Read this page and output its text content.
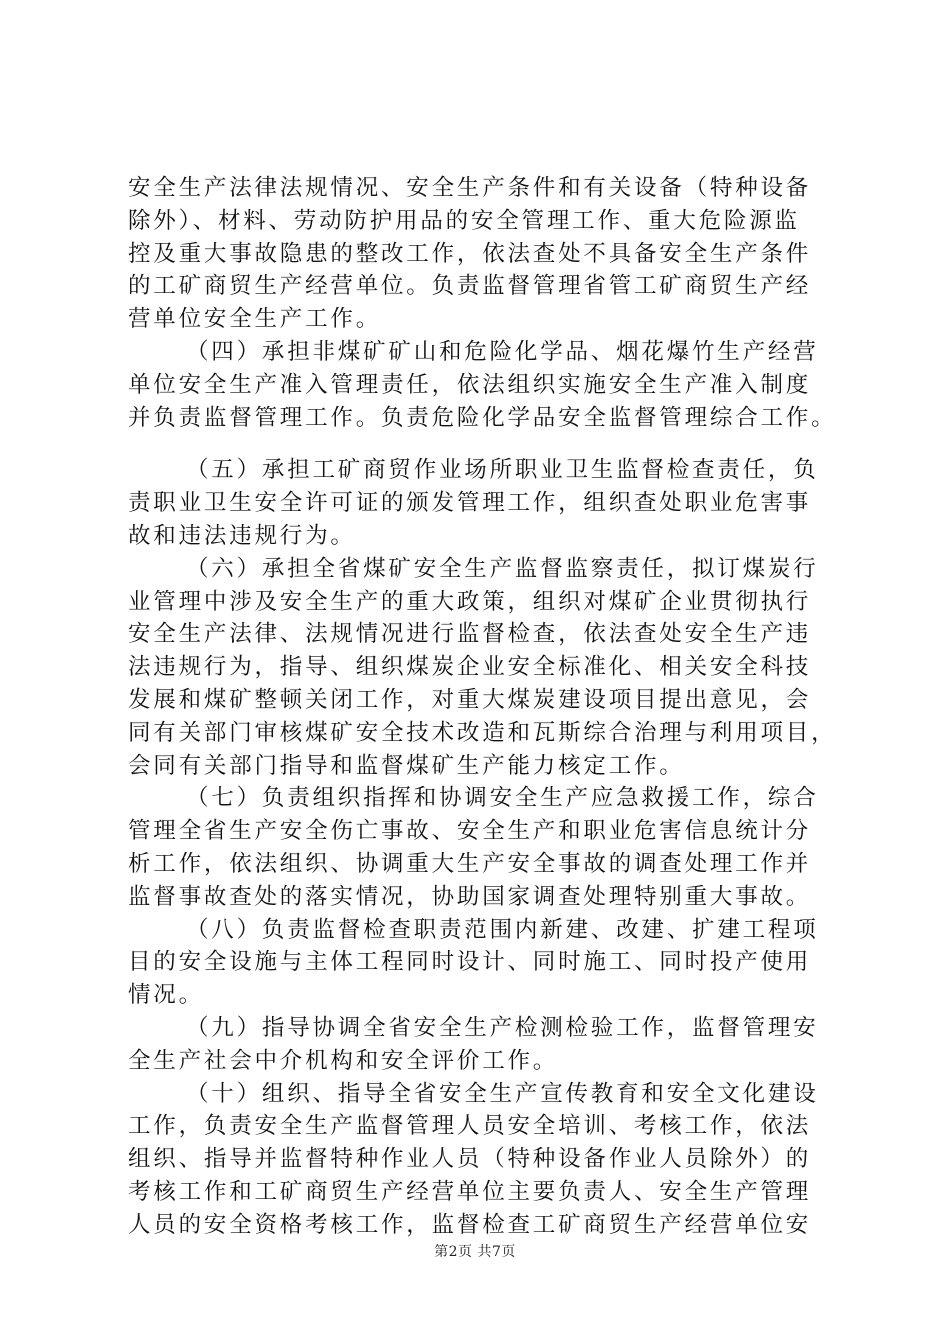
安全生产法律法规情况、安全生产条件和有关设备（特种设备
除外）、材料、劳动防护用品的安全管理工作、重大危险源监
控及重大事故隐患的整改工作，依法查处不具备安全生产条件
的工矿商贸生产经营单位。负责监督管理省管工矿商贸生产经
营单位安全生产工作。
（四）承担非煤矿矿山和危险化学品、烟花爆竹生产经营
单位安全生产准入管理责任，依法组织实施安全生产准入制度
并负责监督管理工作。负责危险化学品安全监督管理综合工作。
（五）承担工矿商贸作业场所职业卫生监督检查责任，负
责职业卫生安全许可证的颁发管理工作，组织查处职业危害事
故和违法违规行为。
（六）承担全省煤矿安全生产监督监察责任，拟订煤炭行
业管理中涉及安全生产的重大政策，组织对煤矿企业贯彻执行
安全生产法律、法规情况进行监督检查，依法查处安全生产违
法违规行为，指导、组织煤炭企业安全标准化、相关安全科技
发展和煤矿整顿关闭工作，对重大煤炭建设项目提出意见，会
同有关部门审核煤矿安全技术改造和瓦斯综合治理与利用项目，
会同有关部门指导和监督煤矿生产能力核定工作。
（七）负责组织指挥和协调安全生产应急救援工作，综合
管理全省生产安全伤亡事故、安全生产和职业危害信息统计分
析工作，依法组织、协调重大生产安全事故的调查处理工作并
监督事故查处的落实情况，协助国家调查处理特别重大事故。
（八）负责监督检查职责范围内新建、改建、扩建工程项
目的安全设施与主体工程同时设计、同时施工、同时投产使用
情况。
（九）指导协调全省安全生产检测检验工作，监督管理安
全生产社会中介机构和安全评价工作。
（十）组织、指导全省安全生产宣传教育和安全文化建设
工作，负责安全生产监督管理人员安全培训、考核工作，依法
组织、指导并监督特种作业人员（特种设备作业人员除外）的
考核工作和工矿商贸生产经营单位主要负责人、安全生产管理
人员的安全资格考核工作，监督检查工矿商贸生产经营单位安
第2页 共7页
